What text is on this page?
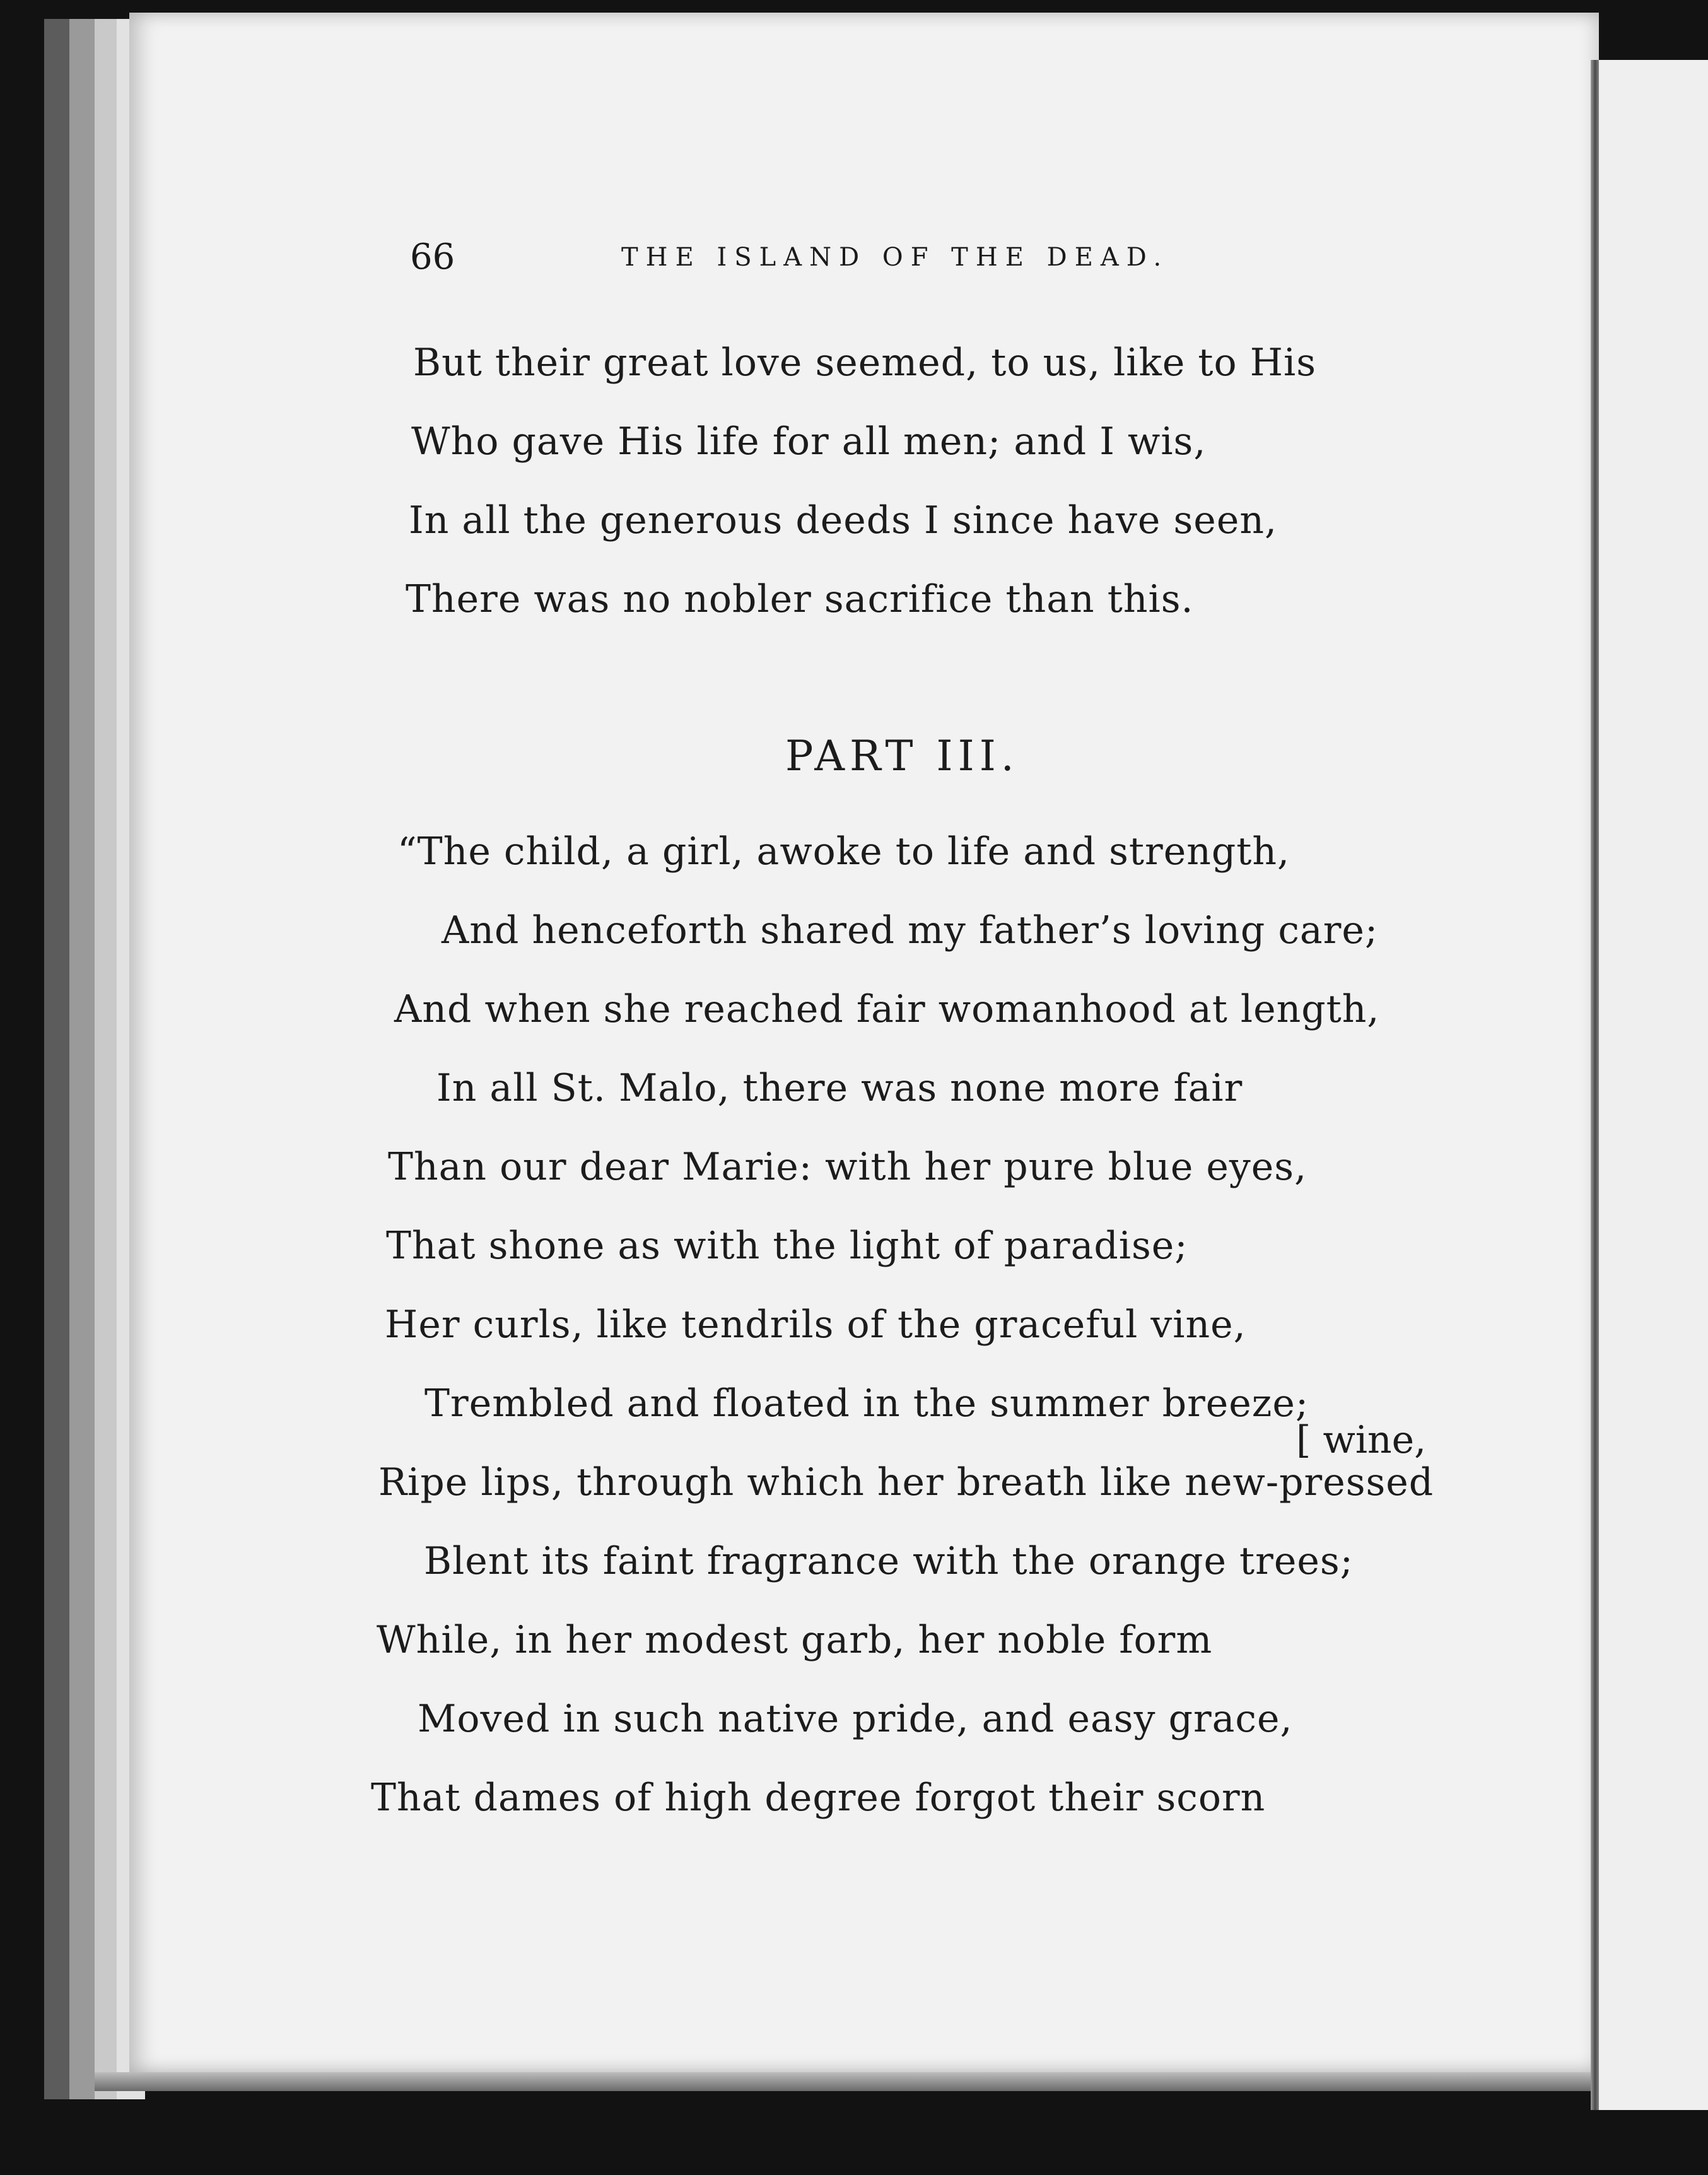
66	THE ISLAND OF THE DEAD.
But their great love seemed, to us, like to His
Who gave His life for all men; and I wis,
In all the generous deeds I since have seen,
There was no nobler sacrifice than this.
PART III.
“The child, a girl, awoke to life and strength,
And henceforth shared my father’s loving care;
And when she reached fair womanhood at length,
In all St. Malo, there was none more fair
Than our dear Marie: with her pure blue eyes,
That shone as with the light of paradise;
Her curls, like tendrils of the graceful vine,
Trembled and floated in the summer breeze;
[ wine,
Ripe lips, through which her breath like new-pressed
Blent its faint fragrance with the orange trees;
While, in her modest garb, her noble form
Moved in such native pride, and easy grace,
That dames of high degree forgot their scorn
